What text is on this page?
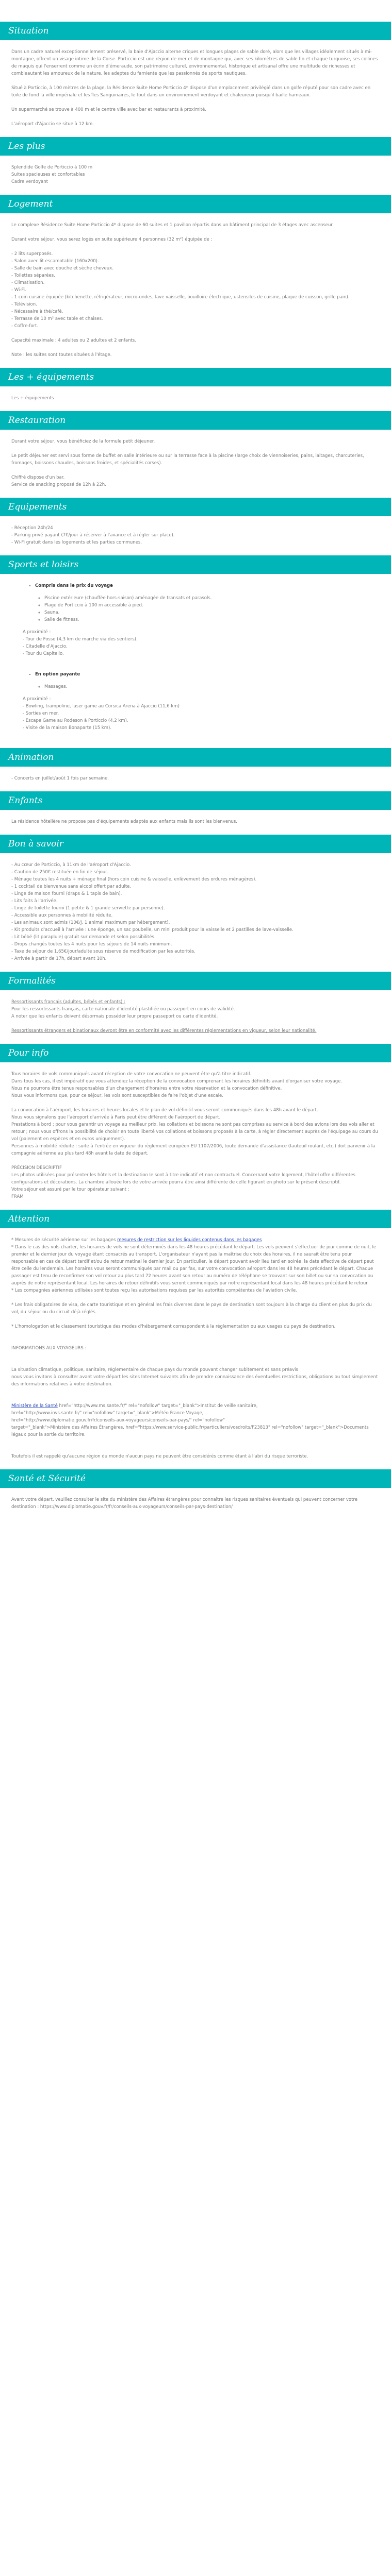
Situation

Dans un cadre naturel exceptionnellement préservé, la baie d'Ajaccio alterne criques et longues plages de sable doré, alors que les villages idéalement situés à mi-montagne, offrent un visage intime de la Corse. Porticcio est une région de mer et de montagne qui, avec ses kilomètres de sable fin et chaque turquoise, ses collines de maquis qui l'enserrent comme un écrin d'émeraude, son patrimoine culturel, environnemental, historique et artisanal offre une multitude de richesses et combleautant les amoureux de la nature, les adeptes du farniente que les passionnés de sports nautiques.

Situé à Porticcio, à 100 mètres de la plage, la Résidence Suite Home Porticcio 4* dispose d'un emplacement privilégié dans un golfe réputé pour son cadre avec en toile de fond la ville impériale et les îles Sanguinaires, le tout dans un environnement verdoyant et chaleureux puisqu'il baille hameaux.

Un supermarché se trouve à 400 m et le centre ville avec bar et restaurants à proximité.

L'aéroport d'Ajaccio se situe à 12 km.

Les plus

Splendide Golfe de Porticcio à 100 m

Suites spacieuses et confortables

Cadre verdoyant

Logement

Le complexe Résidence Suite Home Porticcio 4* dispose de 60 suites et 1 pavillon répartis dans un bâtiment principal de 3 étages avec ascenseur.

Durant votre séjour, vous serez logés en suite supérieure 4 personnes (32 m²) équipée de :

- 2 lits superposés.

- Salon avec lit escamotable (160x200).

- Salle de bain avec douche et sèche cheveux.

- Toilettes séparées.

- Climatisation.

- Wi-Fi.

- 1 coin cuisine équipée (kitchenette, réfrigérateur, micro-ondes, lave vaisselle, bouilloire électrique, ustensiles de cuisine, plaque de cuisson, grille pain).

- Télévision.

- Nécessaire à thé/café.

- Terrasse de 10 m² avec table et chaises.

- Coffre-fort.

Capacité maximale : 4 adultes ou 2 adultes et 2 enfants.

Note : les suites sont toutes situées à l'étage.

Les + équipements

Les + équipements

Restauration

Durant votre séjour, vous bénéficiez de la formule petit déjeuner.

Le petit déjeuner est servi sous forme de buffet en salle intérieure ou sur la terrasse face à la piscine (large choix de viennoiseries, pains, laitages, charcuteries, fromages, boissons chaudes, boissons froides, et spécialités corses).

Chiffré dispose d'un bar.

Service de snacking proposé de 12h à 22h.

Equipements

- Réception 24h/24

- Parking privé payant (7€/jour à réserver à l'avance et à régler sur place).

- Wi-Fi gratuit dans les logements et les parties communes.

Sports et loisirs
• Compris dans le prix du voyage
◦ Piscine extérieure (chauffée hors-saison) aménagée de transats et parasols.
◦ Plage de Porticcio à 100 m accessible à pied.
◦ Sauna.
◦ Salle de fitness.

A proximité :

- Tour de Fosso (4,3 km de marche via des sentiers).

- Citadelle d'Ajaccio.

- Tour du Capitello.

• En option payante
◦ Massages.

A proximité :

- Bowling, trampoline, laser game au Corsica Arena à Ajaccio (11,6 km)

- Sorties en mer.

- Escape Game au Rodeson à Porticcio (4,2 km).

- Visite de la maison Bonaparte (15 km).

Animation

- Concerts en juillet/août 1 fois par semaine.

Enfants

La résidence hôtelière ne propose pas d'équipements adaptés aux enfants mais ils sont les bienvenus.

Bon à savoir

- Au cœur de Porticcio, à 11km de l'aéroport d'Ajaccio.

- Caution de 250€ restituée en fin de séjour.

- Ménage toutes les 4 nuits + ménage final (hors coin cuisine & vaisselle, enlèvement des ordures ménagères).

- 1 cocktail de bienvenue sans alcool offert par adulte.

- Linge de maison fourni (draps & 1 tapis de bain).

- Lits faits à l'arrivée.

- Linge de toilette fourni (1 petite & 1 grande serviette par personne).

- Accessible aux personnes à mobilité réduite.

- Les animaux sont admis (10€/j, 1 animal maximum par hébergement).

- Kit produits d'accueil à l'arrivée : une éponge, un sac poubelle, un mini produit pour la vaisselle et 2 pastilles de lave-vaisselle.

- Lit bébé (lit parapluie) gratuit sur demande et selon possibilités.

- Drops changés toutes les 4 nuits pour les séjours de 14 nuits minimum.

- Taxe de séjour de 1,65€/jour/adulte sous réserve de modification par les autorités.

- Arrivée à partir de 17h, départ avant 10h.

Formalités

Ressortissants français (adultes, bébés et enfants) :

Pour les ressortissants français, carte nationale d'identité plastifiée ou passeport en cours de validité.

A noter que les enfants doivent désormais posséder leur propre passeport ou carte d'identité.

Ressortissants étrangers et binationaux devront être en conformité avec les différentes réglementations en vigueur, selon leur nationalité.

Pour info

Tous horaires de vols communiqués avant réception de votre convocation ne peuvent être qu'à titre indicatif.

Dans tous les cas, il est impératif que vous attendiez la réception de la convocation comprenant les horaires définitifs avant d'organiser votre voyage.

Nous ne pourrons être tenus responsables d'un changement d'horaires entre votre réservation et la convocation définitive.

Nous vous informons que, pour ce séjour, les vols sont susceptibles de faire l'objet d'une escale.

La convocation à l'aéroport, les horaires et heures locales et le plan de vol définitif vous seront communiqués dans les 48h avant le départ.

Nous vous signalons que l'aéroport d'arrivée à Paris peut être différent de l'aéroport de départ.

Prestations à bord : pour vous garantir un voyage au meilleur prix, les collations et boissons ne sont pas comprises au service à bord des avions lors des vols aller et retour ; nous vous offrons la possibilité de choisir en toute liberté vos collations et boissons proposés à la carte, à régler directement auprès de l'équipage au cours du vol (paiement en espèces et en euros uniquement).

Personnes à mobilité réduite : suite à l'entrée en vigueur du règlement européen EU 1107/2006, toute demande d'assistance (fauteuil roulant, etc.) doit parvenir à la compagnie aérienne au plus tard 48h avant la date de départ.

PRÉCISION DESCRIPTIF

Les photos utilisées pour présenter les hôtels et la destination le sont à titre indicatif et non contractuel. Concernant votre logement, l'hôtel offre différentes configurations et décorations. La chambre allouée lors de votre arrivée pourra être ainsi différente de celle figurant en photo sur le présent descriptif.

Votre séjour est assuré par le tour opérateur suivant :

FRAM

Attention

* Mesures de sécurité aérienne sur les bagages mesures de restriction sur les liquides contenus dans les bagages

* Dans le cas des vols charter, les horaires de vols ne sont déterminés dans les 48 heures précédant le départ. Les vols peuvent s'effectuer de jour comme de nuit, le premier et le dernier jour du voyage étant consacrés au transport. L'organisateur n'ayant pas la maîtrise du choix des horaires, il ne saurait être tenu pour responsable en cas de départ tardif et/ou de retour matinal le dernier jour. En particulier, le départ pouvant avoir lieu tard en soirée, la date effective de départ peut être celle du lendemain. Les horaires vous seront communiqués par mail ou par fax, sur votre convocation aéroport dans les 48 heures précédant le départ. Chaque passager est tenu de reconfirmer son vol retour au plus tard 72 heures avant son retour au numéro de téléphone se trouvant sur son billet ou sur sa convocation ou auprès de notre représentant local. Les horaires de retour définitifs vous seront communiqués par notre représentant local dans les 48 heures précédant le retour.

* Les compagnies aériennes utilisées sont toutes reçu les autorisations requises par les autorités compétentes de l'aviation civile.

* Les frais obligatoires de visa, de carte touristique et en général les frais diverses dans le pays de destination sont toujours à la charge du client en plus du prix du vol, du séjour ou du circuit déjà réglés.

* L'homologation et le classement touristique des modes d'hébergement correspondent à la réglementation ou aux usages du pays de destination.

INFORMATIONS AUX VOYAGEURS :

La situation climatique, politique, sanitaire, réglementaire de chaque pays du monde pouvant changer subitement et sans préavis

nous vous invitons à consulter avant votre départ les sites Internet suivants afin de prendre connaissance des éventuelles restrictions, obligations ou tout simplement des informations relatives à votre destination.

Ministère de la Santé href="http://www.ms.sante.fr/" rel="nofollow" target="_blank">Institut de veille sanitaire,

href="http://www.invs.sante.fr/" rel="nofollow" target="_blank">Météo France Voyage,

href="http://www.diplomatie.gouv.fr/fr/conseils-aux-voyageurs/conseils-par-pays/" rel="nofollow"

target="_blank">Ministère des Affaires Étrangères, href="https://www.service-public.fr/particuliers/vosdroits/F23813" rel="nofollow" target="_blank">Documents légaux pour la sortie du territoire.

Toutefois il est rappelé qu'aucune région du monde n'aucun pays ne peuvent être considérés comme étant à l'abri du risque terroriste.

Santé et Sécurité

Avant votre départ, veuillez consulter le site du ministère des Affaires étrangères pour connaître les risques sanitaires éventuels qui peuvent concerner votre destination : https://www.diplomatie.gouv.fr/fr/conseils-aux-voyageurs/conseils-par-pays-destination/
